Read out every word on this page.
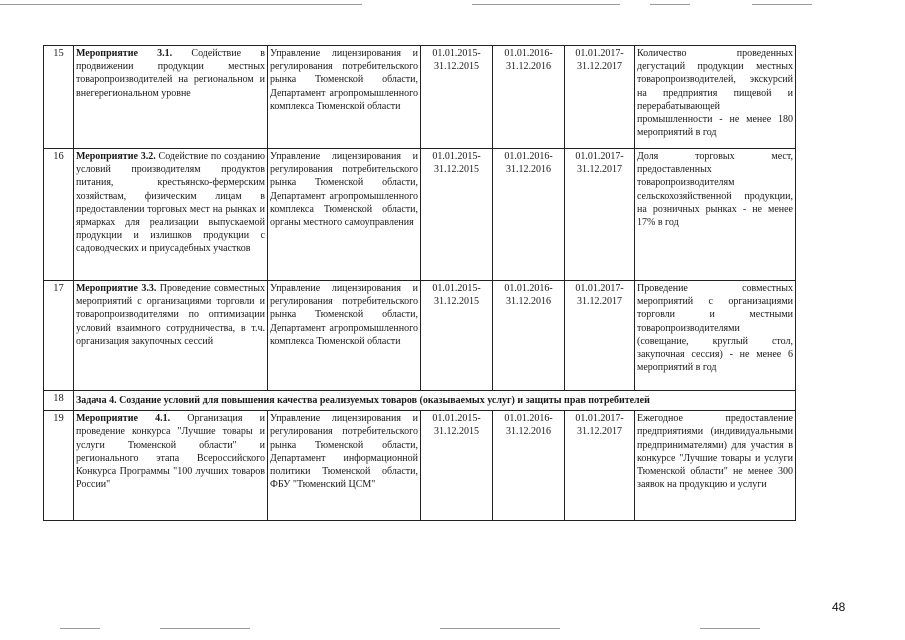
15	Мероприятие 3.1. Содействие в продвижении продукции местных товаропроизводителей на региональном и внегерегиональном уровне	Управление лицензирования и регулирования потребительского рынка Тюменской области, Департамент агропромышленного комплекса Тюменской области	01.01.2015-31.12.2015	01.01.2016-31.12.2016	01.01.2017-31.12.2017	Количество проведенных дегустаций продукции местных товаропроизводителей, экскурсий на предприятия пищевой и перерабатывающей промышленности - не менее 180 мероприятий в год
16	Мероприятие 3.2. Содействие по созданию условий производителям продуктов питания, крестьянско-фермерским хозяйствам, физическим лицам в предоставлении торговых мест на рынках и ярмарках для реализации выпускаемой продукции и излишков продукции с садоводческих и приусадебных участков	Управление лицензирования и регулирования потребительского рынка Тюменской области, Департамент агропромышленного комплекса Тюменской области, органы местного самоуправления	01.01.2015-31.12.2015	01.01.2016-31.12.2016	01.01.2017-31.12.2017	Доля торговых мест, предоставленных товаропроизводителям сельскохозяйственной продукции, на розничных рынках - не менее 17% в год
17	Мероприятие 3.3. Проведение совместных мероприятий с организациями торговли и товаропроизводителями по оптимизации условий взаимного сотрудничества, в т.ч. организация закупочных сессий	Управление лицензирования и регулирования потребительского рынка Тюменской области, Департамент агропромышленного комплекса Тюменской области	01.01.2015-31.12.2015	01.01.2016-31.12.2016	01.01.2017-31.12.2017	Проведение совместных мероприятий с организациями торговли и местными товаропроизводителями (совещание, круглый стол, закупочная сессия) - не менее 6 мероприятий в год
18	Задача 4. Создание условий для повышения качества реализуемых товаров (оказываемых услуг) и защиты прав потребителей					
19	Мероприятие 4.1. Организация и проведение конкурса "Лучшие товары и услуги Тюменской области" и регионального этапа Всероссийского Конкурса Программы "100 лучших товаров России"	Управление лицензирования и регулирования потребительского рынка Тюменской области, Департамент информационной политики Тюменской области, ФБУ "Тюменский ЦСМ"	01.01.2015-31.12.2015	01.01.2016-31.12.2016	01.01.2017-31.12.2017	Ежегодное предоставление предприятиями (индивидуальными предпринимателями) для участия в конкурсе "Лучшие товары и услуги Тюменской области" не менее 300 заявок на продукцию и услуги
48
